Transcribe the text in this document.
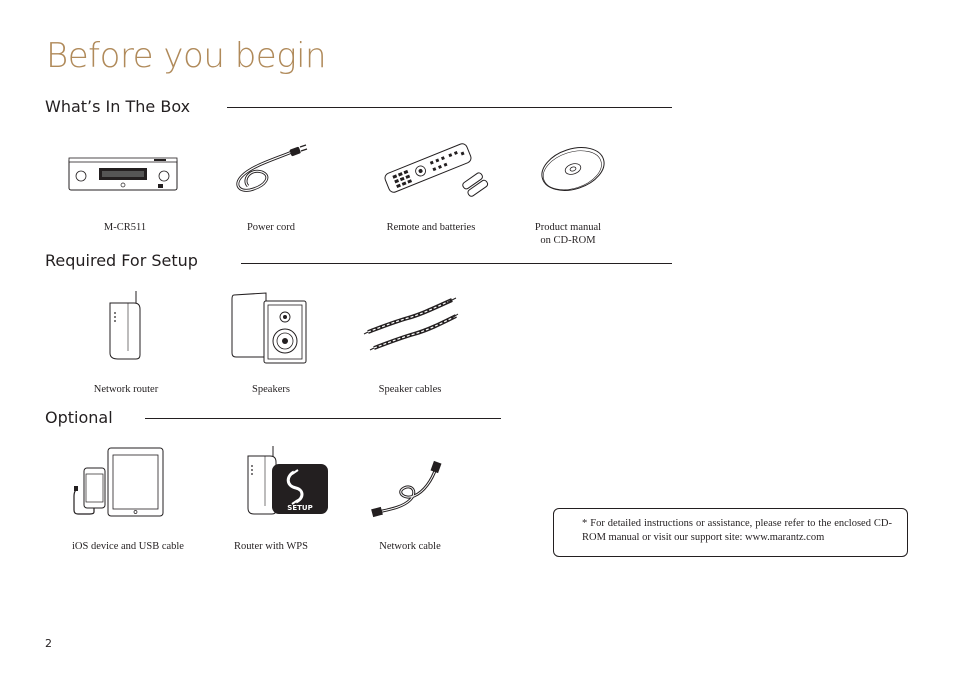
Before you begin
What’s In The Box
M-CR511	Power cord	Remote and batteries	Product manual
on CD-ROM
Required For Setup
Network router	Speakers	Speaker cables
Optional
iOS device and USB cable
SETUP
Router with WPS	Network cable
* For detailed instructions or assistance, please refer to the enclosed CD-ROM manual or visit our support site: www.marantz.com
2
